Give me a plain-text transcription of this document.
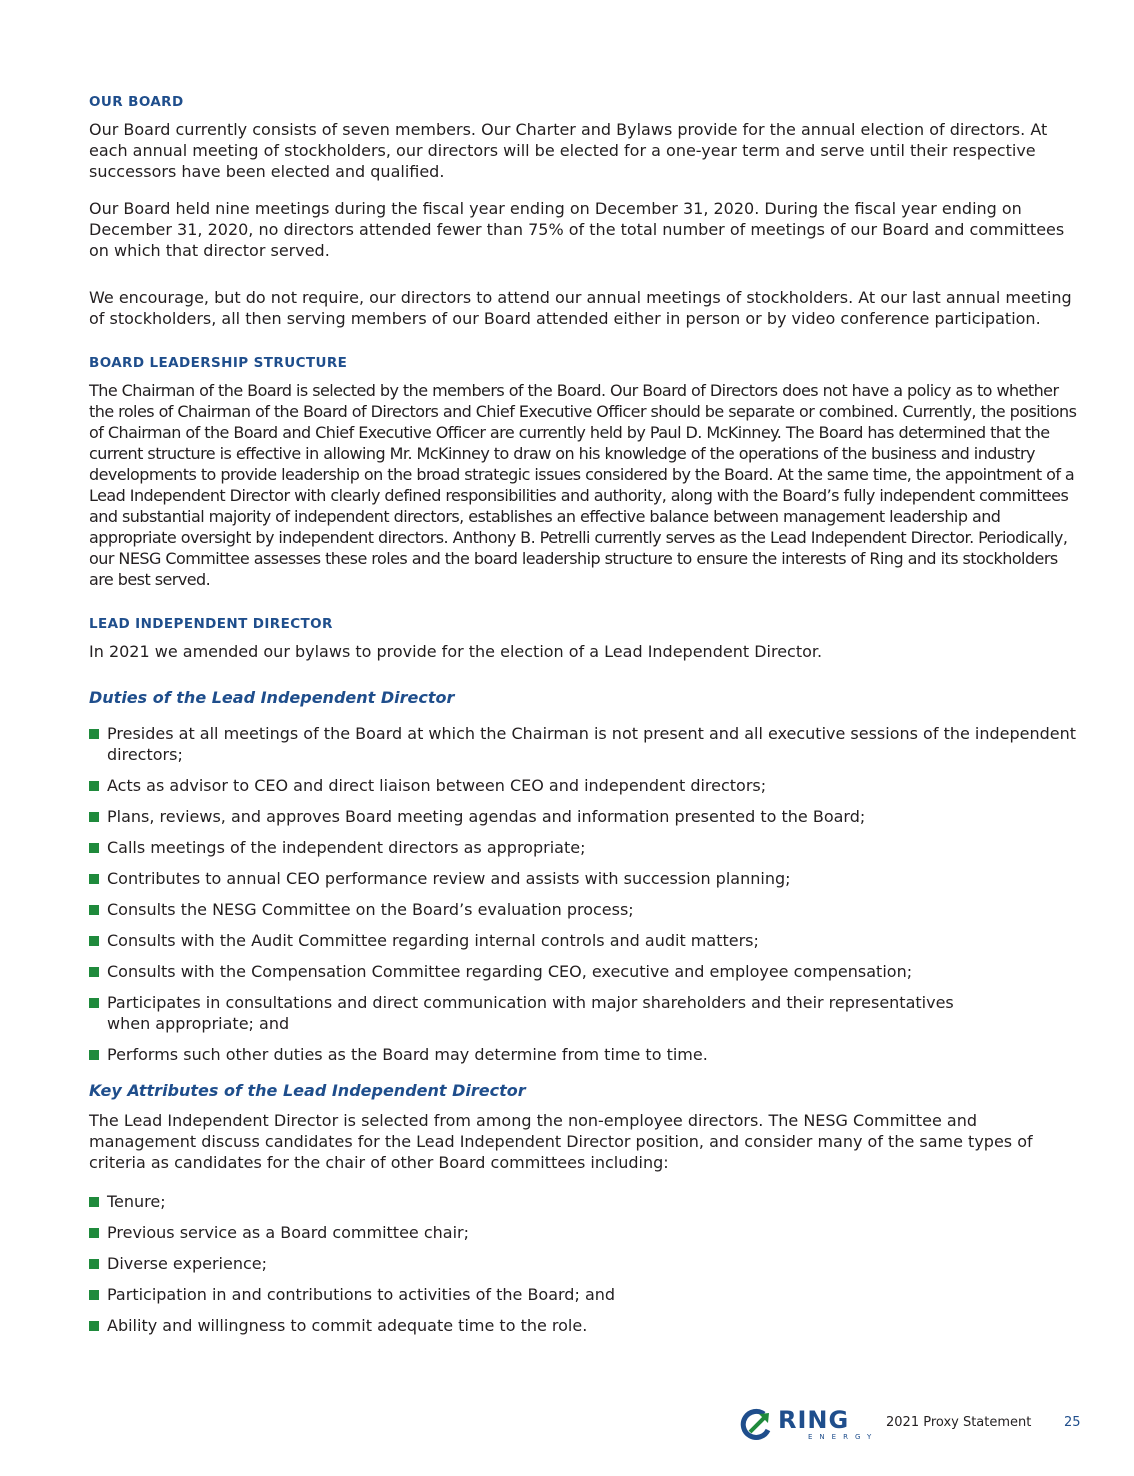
OUR BOARD

Our Board currently consists of seven members. Our Charter and Bylaws provide for the annual election of directors. At each annual meeting of stockholders, our directors will be elected for a one-year term and serve until their respective successors have been elected and qualified.

Our Board held nine meetings during the fiscal year ending on December 31, 2020. During the fiscal year ending on December 31, 2020, no directors attended fewer than 75% of the total number of meetings of our Board and committees on which that director served.

We encourage, but do not require, our directors to attend our annual meetings of stockholders. At our last annual meeting of stockholders, all then serving members of our Board attended either in person or by video conference participation.

BOARD LEADERSHIP STRUCTURE

The Chairman of the Board is selected by the members of the Board. Our Board of Directors does not have a policy as to whether the roles of Chairman of the Board of Directors and Chief Executive Officer should be separate or combined. Currently, the positions of Chairman of the Board and Chief Executive Officer are currently held by Paul D. McKinney. The Board has determined that the current structure is effective in allowing Mr. McKinney to draw on his knowledge of the operations of the business and industry developments to provide leadership on the broad strategic issues considered by the Board. At the same time, the appointment of a Lead Independent Director with clearly defined responsibilities and authority, along with the Board’s fully independent committees and substantial majority of independent directors, establishes an effective balance between management leadership and appropriate oversight by independent directors. Anthony B. Petrelli currently serves as the Lead Independent Director. Periodically, our NESG Committee assesses these roles and the board leadership structure to ensure the interests of Ring and its stockholders are best served.

LEAD INDEPENDENT DIRECTOR

In 2021 we amended our bylaws to provide for the election of a Lead Independent Director.

Duties of the Lead Independent Director
Presides at all meetings of the Board at which the Chairman is not present and all executive sessions of the independent directors;
Acts as advisor to CEO and direct liaison between CEO and independent directors;
Plans, reviews, and approves Board meeting agendas and information presented to the Board;
Calls meetings of the independent directors as appropriate;
Contributes to annual CEO performance review and assists with succession planning;
Consults the NESG Committee on the Board’s evaluation process;
Consults with the Audit Committee regarding internal controls and audit matters;
Consults with the Compensation Committee regarding CEO, executive and employee compensation;
Participates in consultations and direct communication with major shareholders and their representatives when appropriate; and
Performs such other duties as the Board may determine from time to time.
Key Attributes of the Lead Independent Director

The Lead Independent Director is selected from among the non-employee directors. The NESG Committee and management discuss candidates for the Lead Independent Director position, and consider many of the same types of criteria as candidates for the chair of other Board committees including:

Tenure;
Previous service as a Board committee chair;
Diverse experience;
Participation in and contributions to activities of the Board; and
Ability and willingness to commit adequate time to the role.
RING
ENERGY
2021 Proxy Statement	25
